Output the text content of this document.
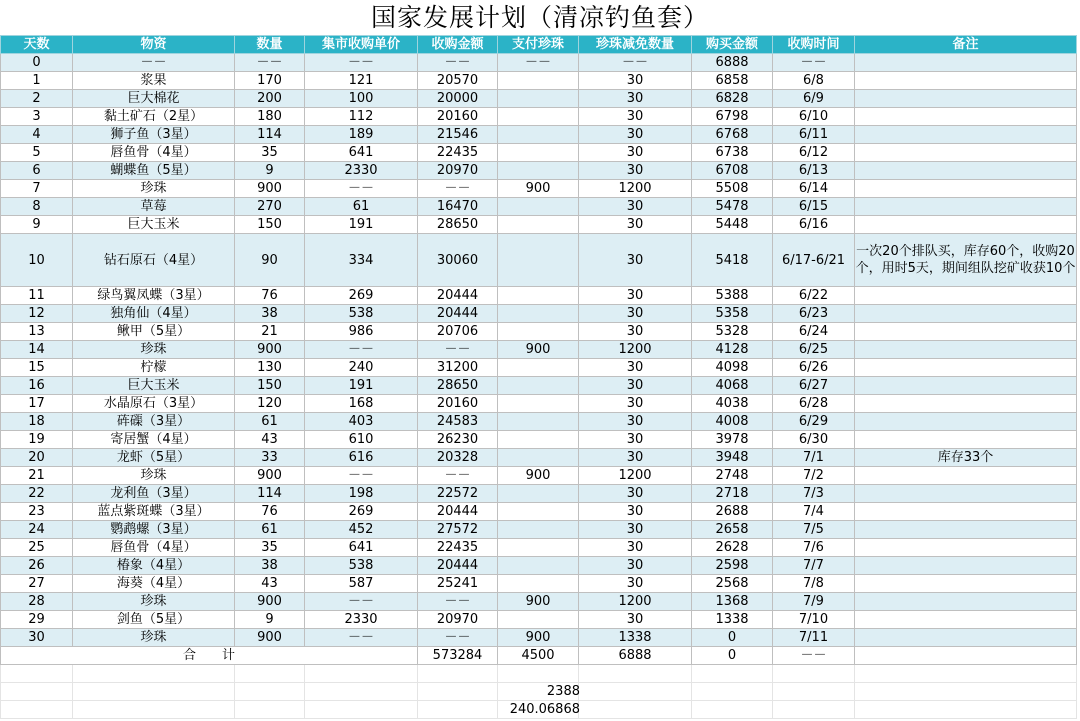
国家发展计划（清凉钓鱼套）
天数	物资	数量	集市收购单价	收购金额	支付珍珠	珍珠减免数量	购买金额	收购时间	备注
0	－－	－－	－－	－－	－－	－－	6888	－－	
1	浆果	170	121	20570		30	6858	6/8	
2	巨大棉花	200	100	20000		30	6828	6/9	
3	黏土矿石（2星）	180	112	20160		30	6798	6/10	
4	狮子鱼（3星）	114	189	21546		30	6768	6/11	
5	唇鱼骨（4星）	35	641	22435		30	6738	6/12	
6	蝴蝶鱼（5星）	9	2330	20970		30	6708	6/13	
7	珍珠	900	－－	－－	900	1200	5508	6/14	
8	草莓	270	61	16470		30	5478	6/15	
9	巨大玉米	150	191	28650		30	5448	6/16	
10	钻石原石（4星）	90	334	30060		30	5418	6/17-6/21	一次20个排队买，库存60个，收购20个，用时5天，期间组队挖矿收获10个
11	绿鸟翼凤蝶（3星）	76	269	20444		30	5388	6/22	
12	独角仙（4星）	38	538	20444		30	5358	6/23	
13	鳅甲（5星）	21	986	20706		30	5328	6/24	
14	珍珠	900	－－	－－	900	1200	4128	6/25	
15	柠檬	130	240	31200		30	4098	6/26	
16	巨大玉米	150	191	28650		30	4068	6/27	
17	水晶原石（3星）	120	168	20160		30	4038	6/28	
18	砗磲（3星）	61	403	24583		30	4008	6/29	
19	寄居蟹（4星）	43	610	26230		30	3978	6/30	
20	龙虾（5星）	33	616	20328		30	3948	7/1	库存33个
21	珍珠	900	－－	－－	900	1200	2748	7/2	
22	龙利鱼（3星）	114	198	22572		30	2718	7/3	
23	蓝点紫斑蝶（3星）	76	269	20444		30	2688	7/4	
24	鹦鹉螺（3星）	61	452	27572		30	2658	7/5	
25	唇鱼骨（4星）	35	641	22435		30	2628	7/6	
26	椿象（4星）	38	538	20444		30	2598	7/7	
27	海葵（4星）	43	587	25241		30	2568	7/8	
28	珍珠	900	－－	－－	900	1200	1368	7/9	
29	剑鱼（5星）	9	2330	20970		30	1338	7/10	
30	珍珠	900	－－	－－	900	1338	0	7/11	
合　　计				573284	4500	6888	0	－－	

2388
240.06868
